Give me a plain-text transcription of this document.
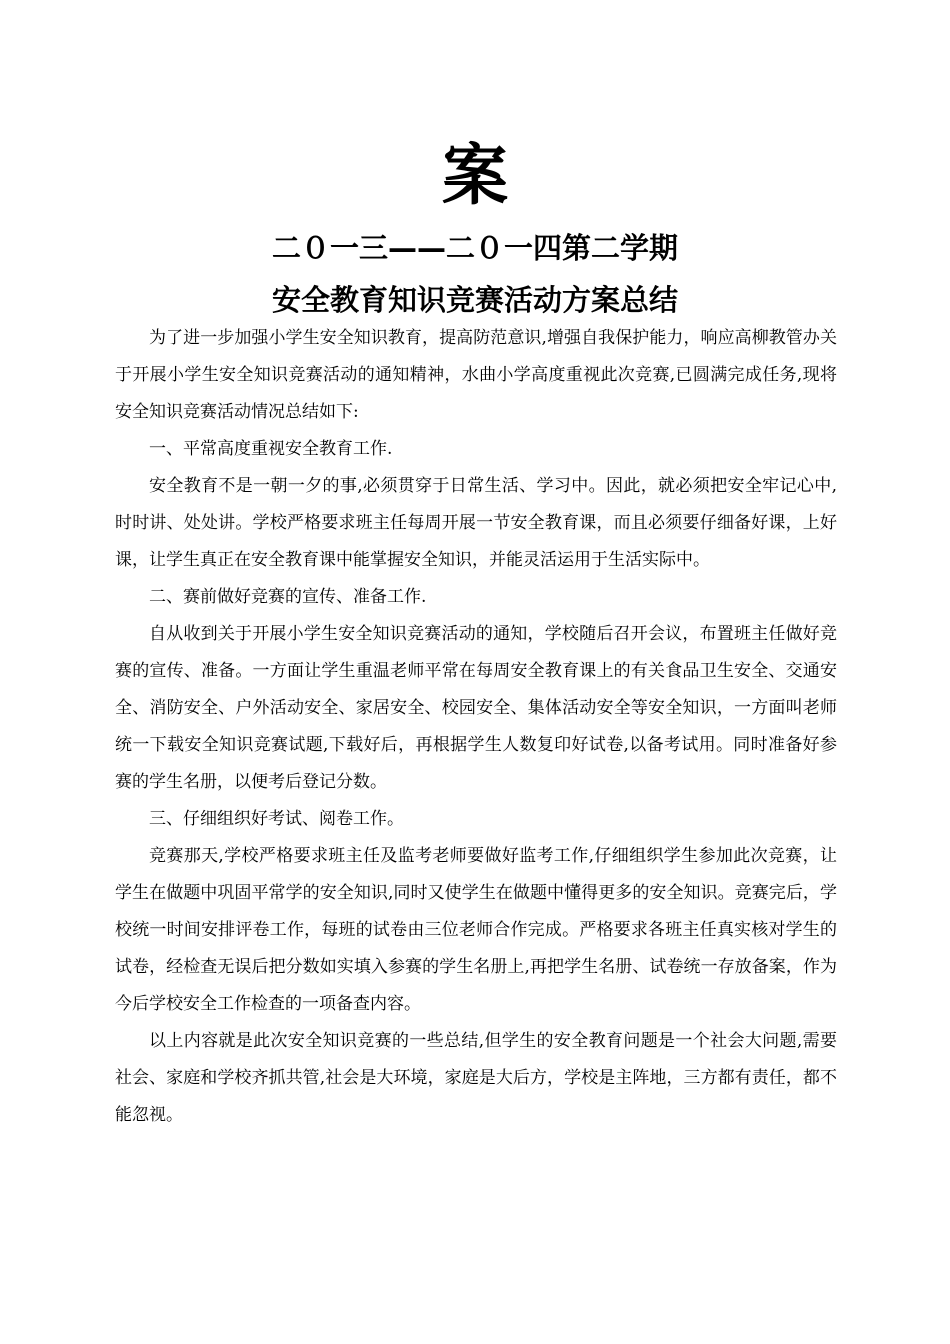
案
二０一三——二０一四第二学期
安全教育知识竞赛活动方案总结

为了进一步加强小学生安全知识教育，提高防范意识,增强自我保护能力，响应高柳教管办关于开展小学生安全知识竞赛活动的通知精神，水曲小学高度重视此次竞赛,已圆满完成任务,现将安全知识竞赛活动情况总结如下:

一、平常高度重视安全教育工作.

安全教育不是一朝一夕的事,必须贯穿于日常生活、学习中。因此，就必须把安全牢记心中,时时讲、处处讲。学校严格要求班主任每周开展一节安全教育课，而且必须要仔细备好课，上好课，让学生真正在安全教育课中能掌握安全知识，并能灵活运用于生活实际中。

二、赛前做好竞赛的宣传、准备工作.

自从收到关于开展小学生安全知识竞赛活动的通知，学校随后召开会议，布置班主任做好竞赛的宣传、准备。一方面让学生重温老师平常在每周安全教育课上的有关食品卫生安全、交通安全、消防安全、户外活动安全、家居安全、校园安全、集体活动安全等安全知识，一方面叫老师统一下载安全知识竞赛试题,下载好后，再根据学生人数复印好试卷,以备考试用。同时准备好参赛的学生名册，以便考后登记分数。

三、仔细组织好考试、阅卷工作。

竞赛那天,学校严格要求班主任及监考老师要做好监考工作,仔细组织学生参加此次竞赛，让学生在做题中巩固平常学的安全知识,同时又使学生在做题中懂得更多的安全知识。竞赛完后，学校统一时间安排评卷工作，每班的试卷由三位老师合作完成。严格要求各班主任真实核对学生的试卷，经检查无误后把分数如实填入参赛的学生名册上,再把学生名册、试卷统一存放备案，作为今后学校安全工作检查的一项备查内容。

以上内容就是此次安全知识竞赛的一些总结,但学生的安全教育问题是一个社会大问题,需要社会、家庭和学校齐抓共管,社会是大环境，家庭是大后方，学校是主阵地，三方都有责任，都不能忽视。
